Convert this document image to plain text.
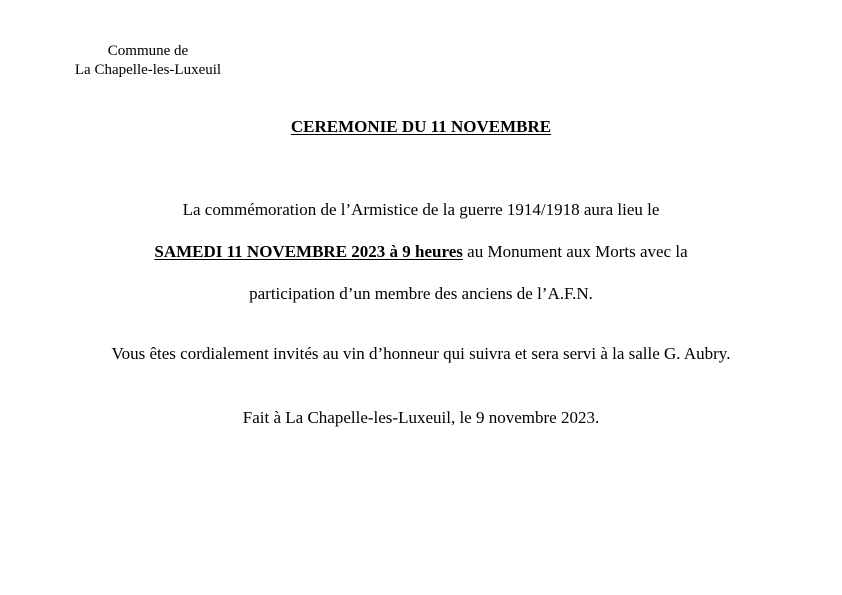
Commune de
La Chapelle-les-Luxeuil
CEREMONIE DU 11 NOVEMBRE
La commémoration de l’Armistice de la guerre 1914/1918 aura lieu le
SAMEDI 11 NOVEMBRE 2023 à 9 heures au Monument aux Morts avec la
participation d’un membre des anciens de l’A.F.N.
Vous êtes cordialement invités au vin d’honneur qui suivra et sera servi à la salle G. Aubry.
Fait à La Chapelle-les-Luxeuil, le 9 novembre 2023.
